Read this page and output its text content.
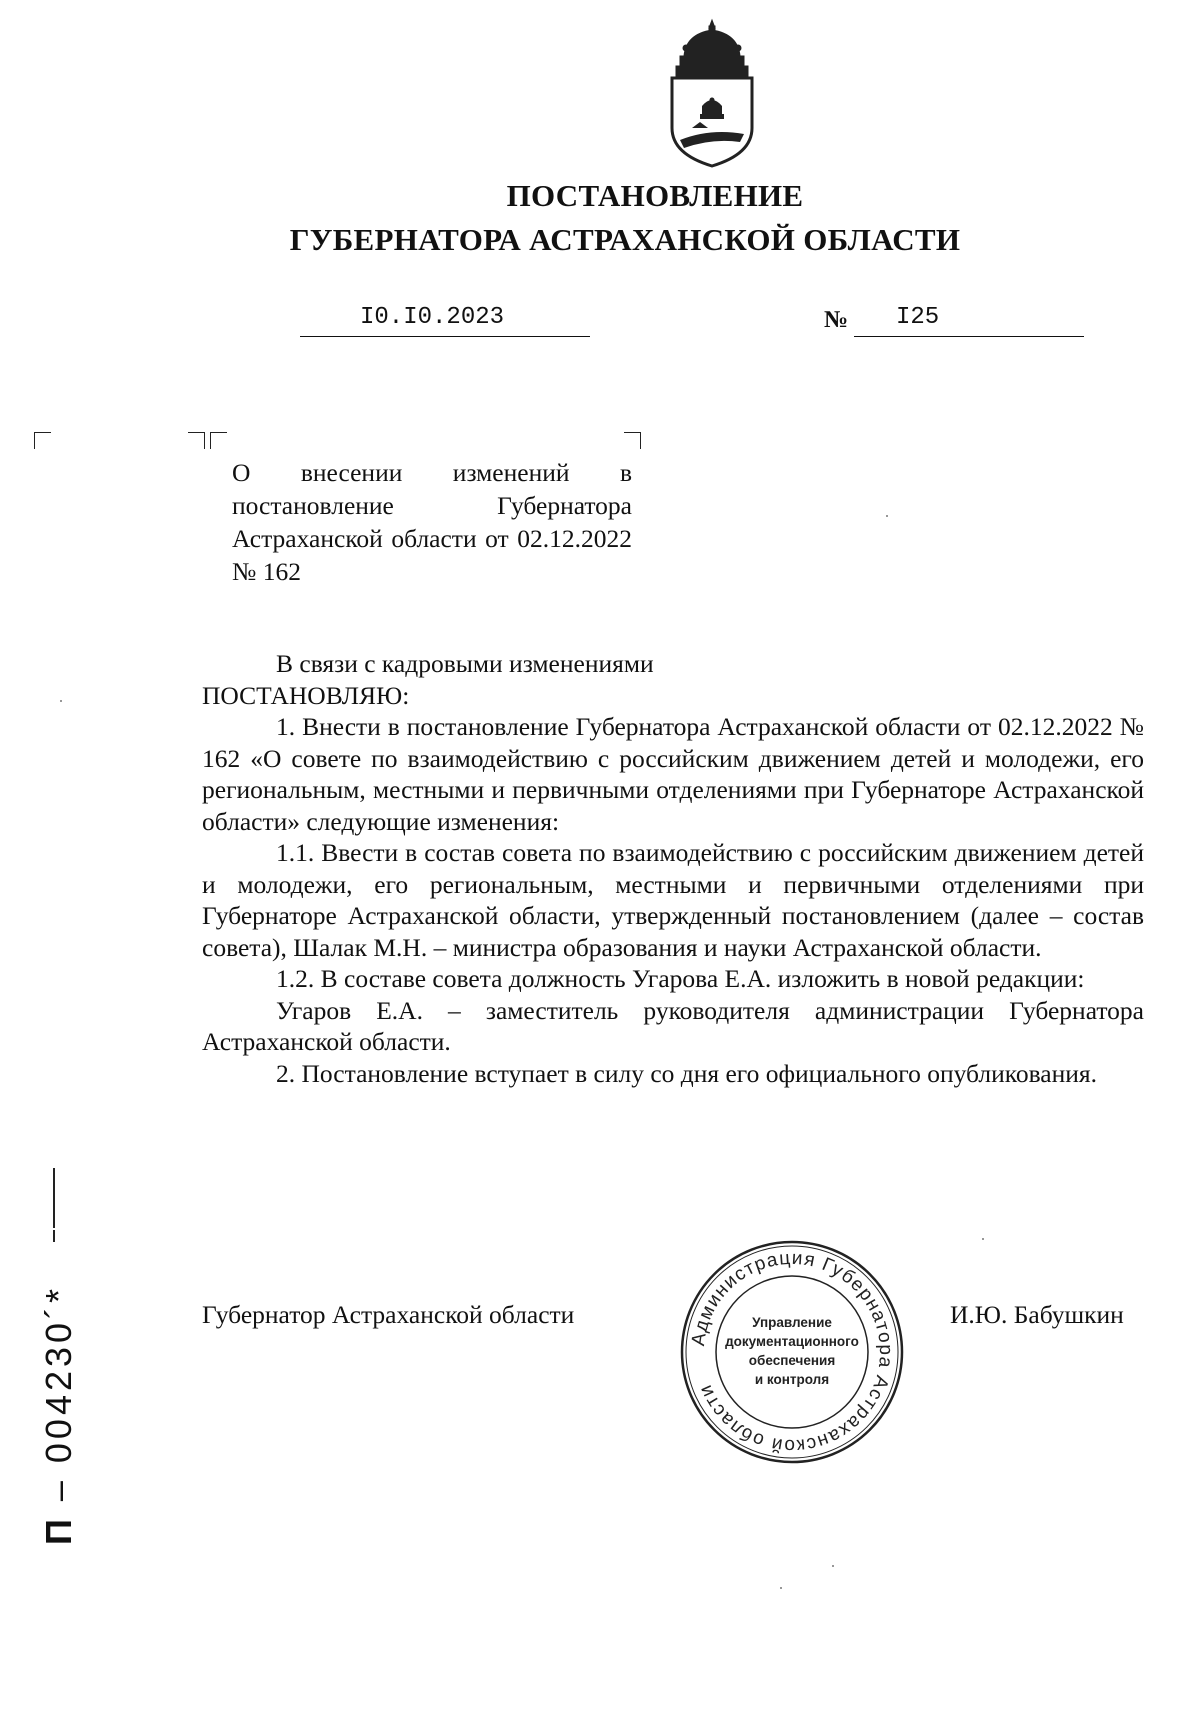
ПОСТАНОВЛЕНИЕ
ГУБЕРНАТОРА АСТРАХАНСКОЙ ОБЛАСТИ
I0.I0.2023	№ I25
О внесении изменений в постановление Губернатора Астраханской области от 02.12.2022 № 162

В связи с кадровыми изменениями

ПОСТАНОВЛЯЮ:

1. Внести в постановление Губернатора Астраханской области от 02.12.2022 № 162 «О совете по взаимодействию с российским движением детей и молодежи, его региональным, местными и первичными отделениями при Губернаторе Астраханской области» следующие изменения:

1.1. Ввести в состав совета по взаимодействию с российским движением детей и молодежи, его региональным, местными и первичными отделениями при Губернаторе Астраханской области, утвержденный постановлением (далее – состав совета), Шалак М.Н. – министра образования и науки Астраханской области.

1.2. В составе совета должность Угарова Е.А. изложить в новой редакции:

Угаров Е.А. – заместитель руководителя администрации Губернатора Астраханской области.

2. Постановление вступает в силу со дня его официального опубликования.

Губернатор Астраханской области	И.Ю. Бабушкин
Администрация Губернатора Астраханской области
Управление
документационного
обеспечения
и контроля
П – 004230´*
